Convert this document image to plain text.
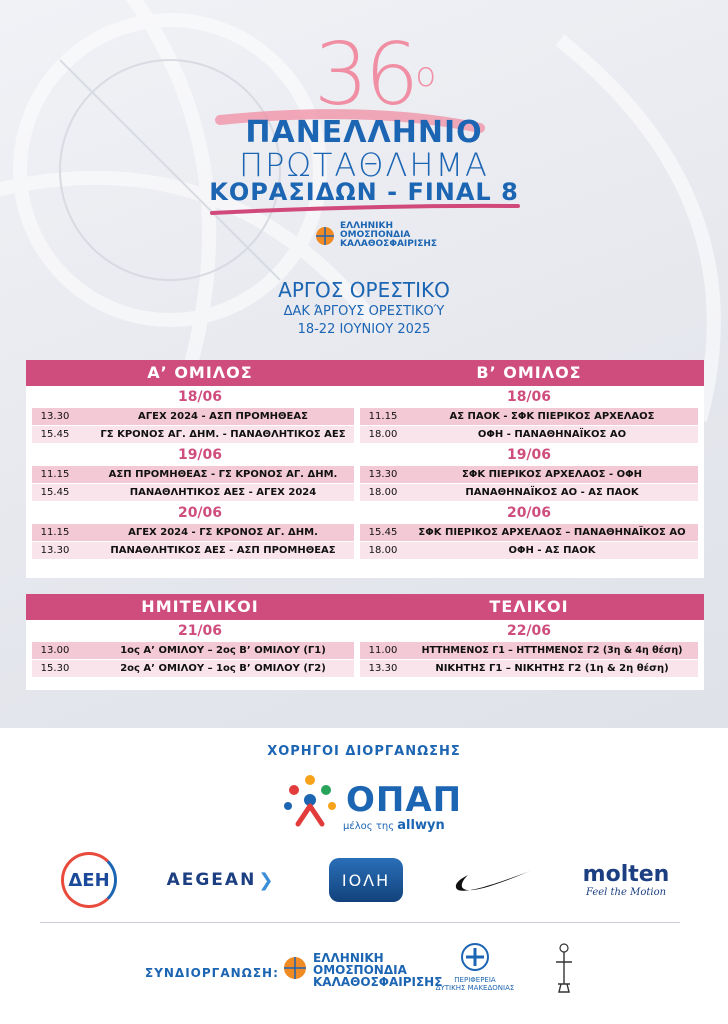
$36^o$
ΠΑΝΕΛΛΗΝΙΟ
ΠΡΩΤΑΘΛΗΜΑ
ΚΟΡΑΣΙΔΩΝ - FINAL 8
ΕΛΛΗΝΙΚΗ
ΟΜΟΣΠΟΝΔΙΑ
ΚΑΛΑΘΟΣΦΑΙΡΙΣΗΣ
ΑΡΓΟΣ ΟΡΕΣΤΙΚΟ
ΔΑΚ ΆΡΓΟΥΣ ΟΡΕΣΤΙΚΟΎ
18-22 ΙΟΥΝΙΟΥ 2025
Α’ ΟΜΙΛΟΣ
18/06
13.30	ΑΓΕΧ 2024 - ΑΣΠ ΠΡΟΜΗΘΕΑΣ
15.45	ΓΣ ΚΡΟΝΟΣ ΑΓ. ΔΗΜ. - ΠΑΝΑΘΛΗΤΙΚΟΣ ΑΕΣ
19/06
11.15	ΑΣΠ ΠΡΟΜΗΘΕΑΣ - ΓΣ ΚΡΟΝΟΣ ΑΓ. ΔΗΜ.
15.45	ΠΑΝΑΘΛΗΤΙΚΟΣ ΑΕΣ - ΑΓΕΧ 2024
20/06
11.15	ΑΓΕΧ 2024 - ΓΣ ΚΡΟΝΟΣ ΑΓ. ΔΗΜ.
13.30	ΠΑΝΑΘΛΗΤΙΚΟΣ ΑΕΣ - ΑΣΠ ΠΡΟΜΗΘΕΑΣ
Β’ ΟΜΙΛΟΣ
18/06
11.15	ΑΣ ΠΑΟΚ - ΣΦΚ ΠΙΕΡΙΚΟΣ ΑΡΧΕΛΑΟΣ
18.00	ΟΦΗ - ΠΑΝΑΘΗΝΑΪΚΟΣ ΑΟ
19/06
13.30	ΣΦΚ ΠΙΕΡΙΚΟΣ ΑΡΧΕΛΑΟΣ - ΟΦΗ
18.00	ΠΑΝΑΘΗΝΑΪΚΟΣ ΑΟ - ΑΣ ΠΑΟΚ
20/06
15.45	ΣΦΚ ΠΙΕΡΙΚΟΣ ΑΡΧΕΛΑΟΣ – ΠΑΝΑΘΗΝΑΪΚΟΣ ΑΟ
18.00	ΟΦΗ - ΑΣ ΠΑΟΚ
ΗΜΙΤΕΛΙΚΟΙ
21/06
13.00	1ος Α’ ΟΜΙΛΟΥ – 2ος Β’ ΟΜΙΛΟΥ (Γ1)
15.30	2ος Α’ ΟΜΙΛΟΥ – 1ος Β’ ΟΜΙΛΟΥ (Γ2)
ΤΕΛΙΚΟΙ
22/06
11.00	ΗΤΤΗΜΕΝΟΣ Γ1 – ΗΤΤΗΜΕΝΟΣ Γ2 (3η & 4η θέση)
13.30	ΝΙΚΗΤΗΣ Γ1 – ΝΙΚΗΤΗΣ Γ2 (1η & 2η θέση)
ΧΟΡΗΓΟΙ ΔΙΟΡΓΑΝΩΣΗΣ
ΟΠΑΠ
μέλος της allwyn
ΔΕΗ	AEGEAN ❯	ΙΟΛΗ	molten
Feel the Motion
ΣΥΝΔΙΟΡΓΑΝΩΣΗ:
ΕΛΛΗΝΙΚΗ
ΟΜΟΣΠΟΝΔΙΑ
ΚΑΛΑΘΟΣΦΑΙΡΙΣΗΣ	ΠΕΡΙΦΕΡΕΙΑ
ΔΥΤΙΚΗΣ ΜΑΚΕΔΟΝΙΑΣ
